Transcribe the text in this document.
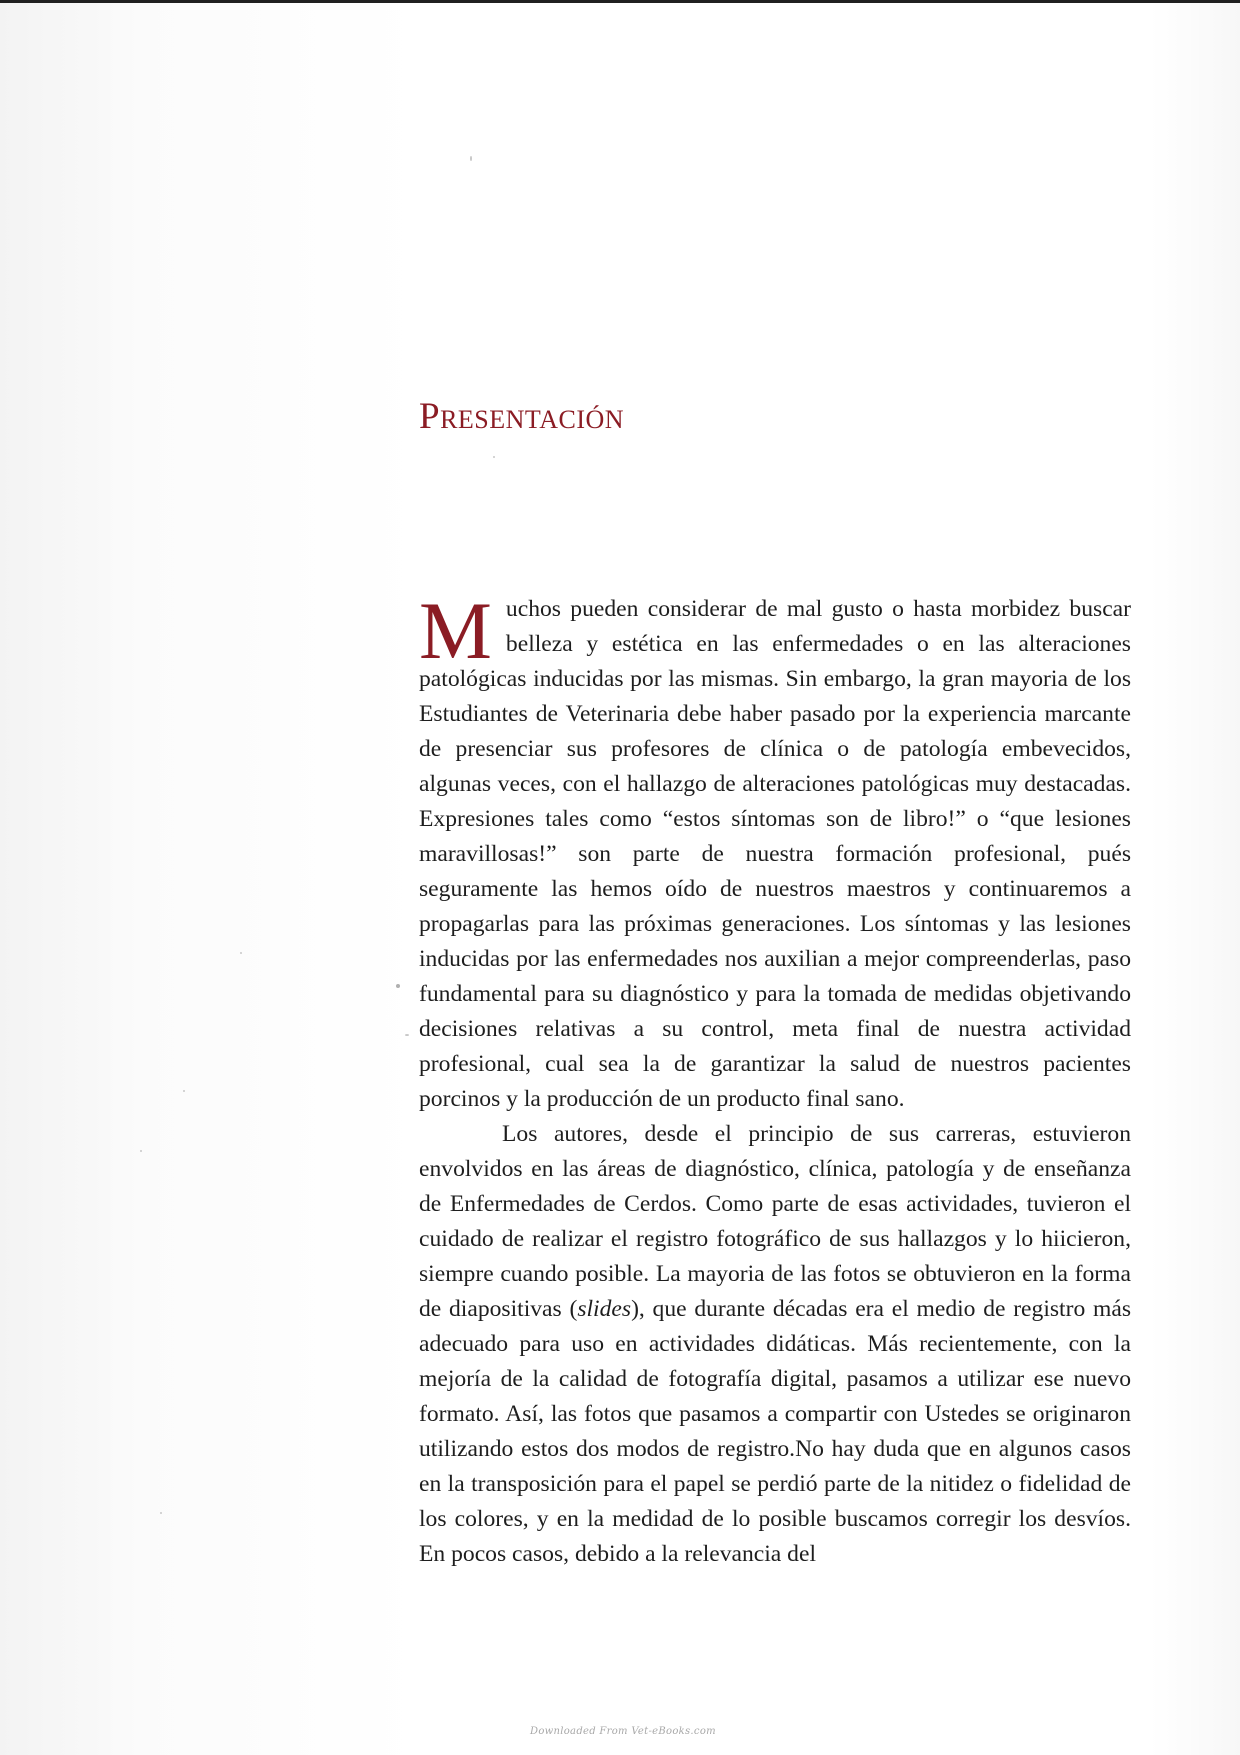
Presentación

Muchos pueden considerar de mal gusto o hasta morbidez buscar belleza y estética en las enfermedades o en las alteraciones patológicas inducidas por las mismas. Sin embargo, la gran mayoria de los Estudiantes de Veterinaria debe haber pasado por la experiencia marcante de presenciar sus profesores de clínica o de patología embevecidos, algunas veces, con el hallazgo de alteraciones patológicas muy destacadas. Expresiones tales como “estos síntomas son de libro!” o “que lesiones maravillosas!” son parte de nuestra formación profesional, pués seguramente las hemos oído de nuestros maestros y continuaremos a propagarlas para las próximas generaciones. Los síntomas y las lesiones inducidas por las enfermedades nos auxilian a mejor compreenderlas, paso fundamental para su diagnóstico y para la tomada de medidas objetivando decisiones relativas a su control, meta final de nuestra actividad profesional, cual sea la de garantizar la salud de nuestros pacientes porcinos y la producción de un producto final sano.

Los autores, desde el principio de sus carreras, estuvieron envolvidos en las áreas de diagnóstico, clínica, patología y de enseñanza de Enfermedades de Cerdos. Como parte de esas actividades, tuvieron el cuidado de realizar el registro fotográfico de sus hallazgos y lo hiicieron, siempre cuando posible. La mayoria de las fotos se obtuvieron en la forma de diapositivas (slides), que durante décadas era el medio de registro más adecuado para uso en actividades didáticas. Más recientemente, con la mejoría de la calidad de fotografía digital, pasamos a utilizar ese nuevo formato. Así, las fotos que pasamos a compartir con Ustedes se originaron utilizando estos dos modos de registro.No hay duda que en algunos casos en la transposición para el papel se perdió parte de la nitidez o fidelidad de los colores, y en la medidad de lo posible buscamos corregir los desvíos. En pocos casos, debido a la relevancia del

Downloaded From Vet-eBooks.com
